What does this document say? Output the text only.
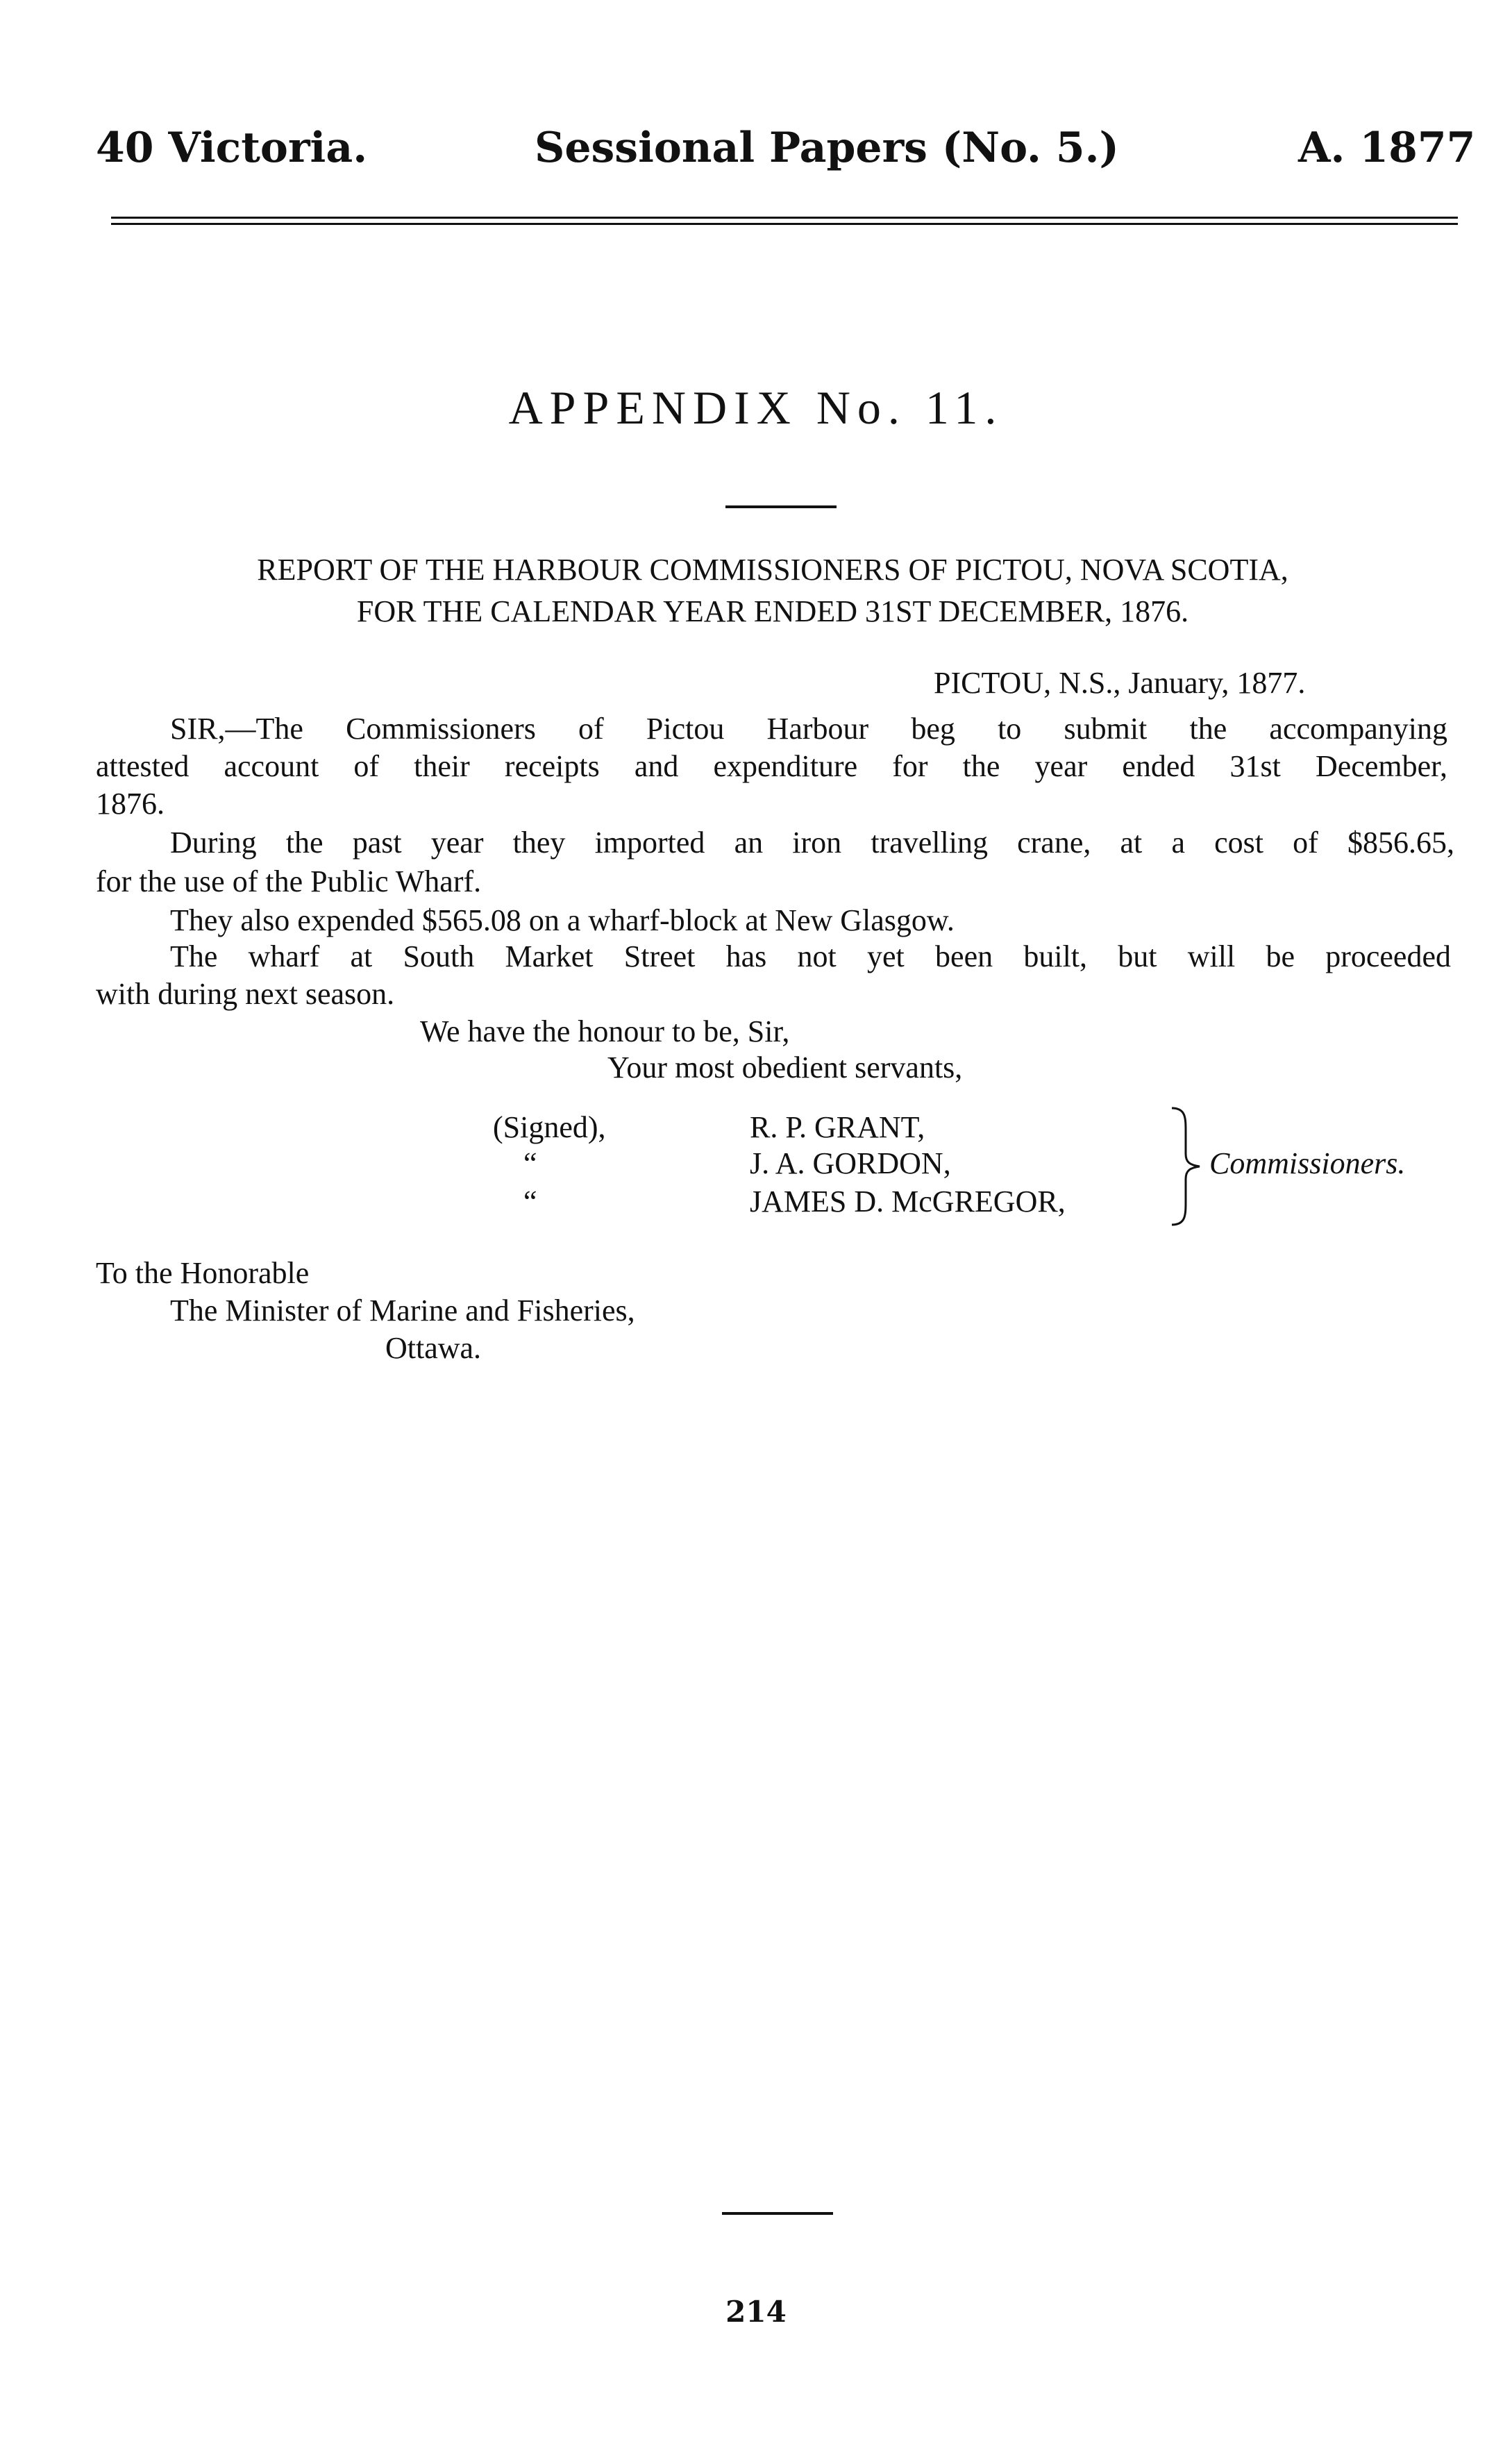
40 Victoria.	Sessional Papers (No. 5.)	A. 1877
APPENDIX No. 11.
REPORT OF THE HARBOUR COMMISSIONERS OF PICTOU, NOVA SCOTIA,
FOR THE CALENDAR YEAR ENDED 31ST DECEMBER, 1876.
PICTOU, N.S., January, 1877.
SIR,—The Commissioners of Pictou Harbour beg to submit the accompanying
attested account of their receipts and expenditure for the year ended 31st December,
1876.
During the past year they imported an iron travelling crane, at a cost of $856.65,
for the use of the Public Wharf.
They also expended $565.08 on a wharf-block at New Glasgow.
The wharf at South Market Street has not yet been built, but will be proceeded
with during next season.
We have the honour to be, Sir,
Your most obedient servants,
(Signed),
“
“
R. P. GRANT,
J. A. GORDON,
JAMES D. McGREGOR,
Commissioners.
To the Honorable
The Minister of Marine and Fisheries,
Ottawa.
214
